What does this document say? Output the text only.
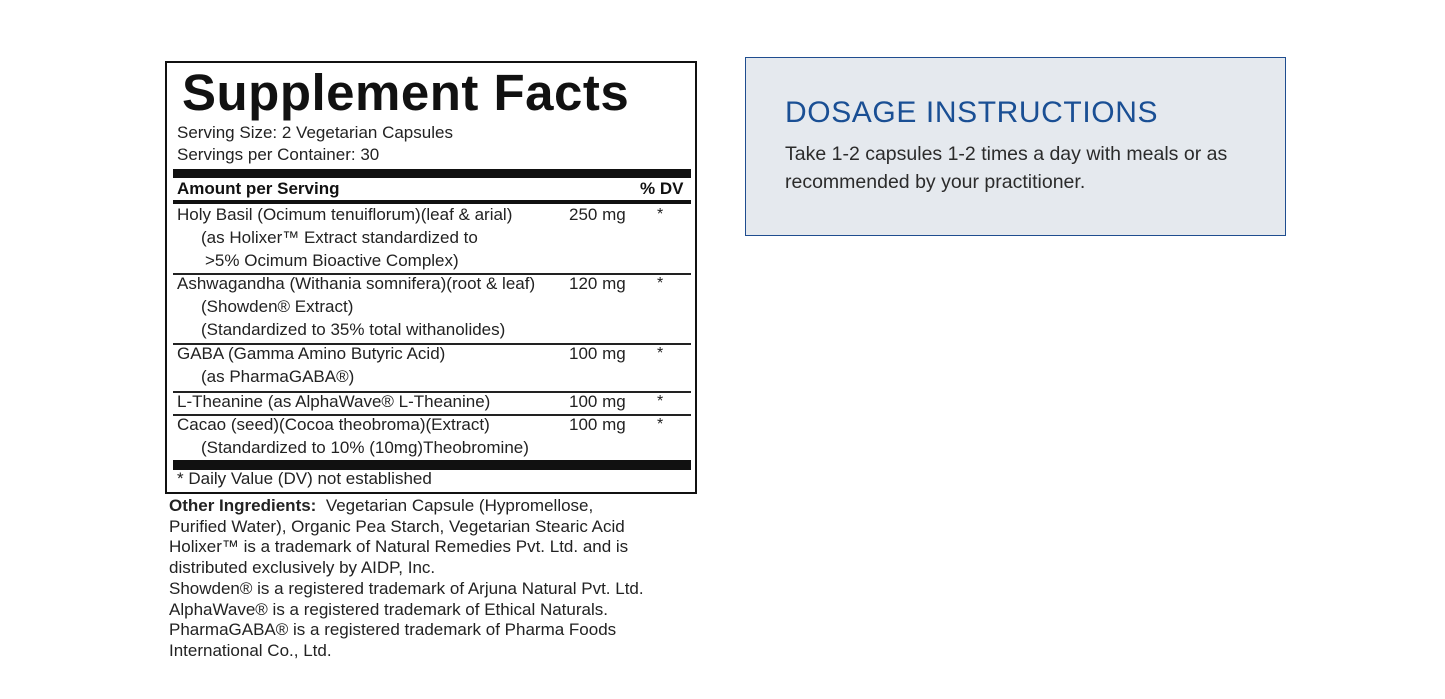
Supplement Facts
Serving Size: 2 Vegetarian Capsules
Servings per Container: 30
Amount per Serving	% DV
Holy Basil (Ocimum tenuiflorum)(leaf & arial)
(as Holixer™ Extract standardized to
>5% Ocimum Bioactive Complex)
250 mg *
Ashwagandha (Withania somnifera)(root & leaf)
(Showden® Extract)
(Standardized to 35% total withanolides)
120 mg *
GABA (Gamma Amino Butyric Acid)
(as PharmaGABA®)
100 mg *
L-Theanine (as AlphaWave® L-Theanine)	100 mg *
Cacao (seed)(Cocoa theobroma)(Extract)
(Standardized to 10% (10mg)Theobromine)
100 mg *
* Daily Value (DV) not established
Other Ingredients: Vegetarian Capsule (Hypromellose,
Purified Water), Organic Pea Starch, Vegetarian Stearic Acid
Holixer™ is a trademark of Natural Remedies Pvt. Ltd. and is
distributed exclusively by AIDP, Inc.
Showden® is a registered trademark of Arjuna Natural Pvt. Ltd.
AlphaWave® is a registered trademark of Ethical Naturals.
PharmaGABA® is a registered trademark of Pharma Foods
International Co., Ltd.
DOSAGE INSTRUCTIONS
Take 1-2 capsules 1-2 times a day with meals or as recommended by your practitioner.
